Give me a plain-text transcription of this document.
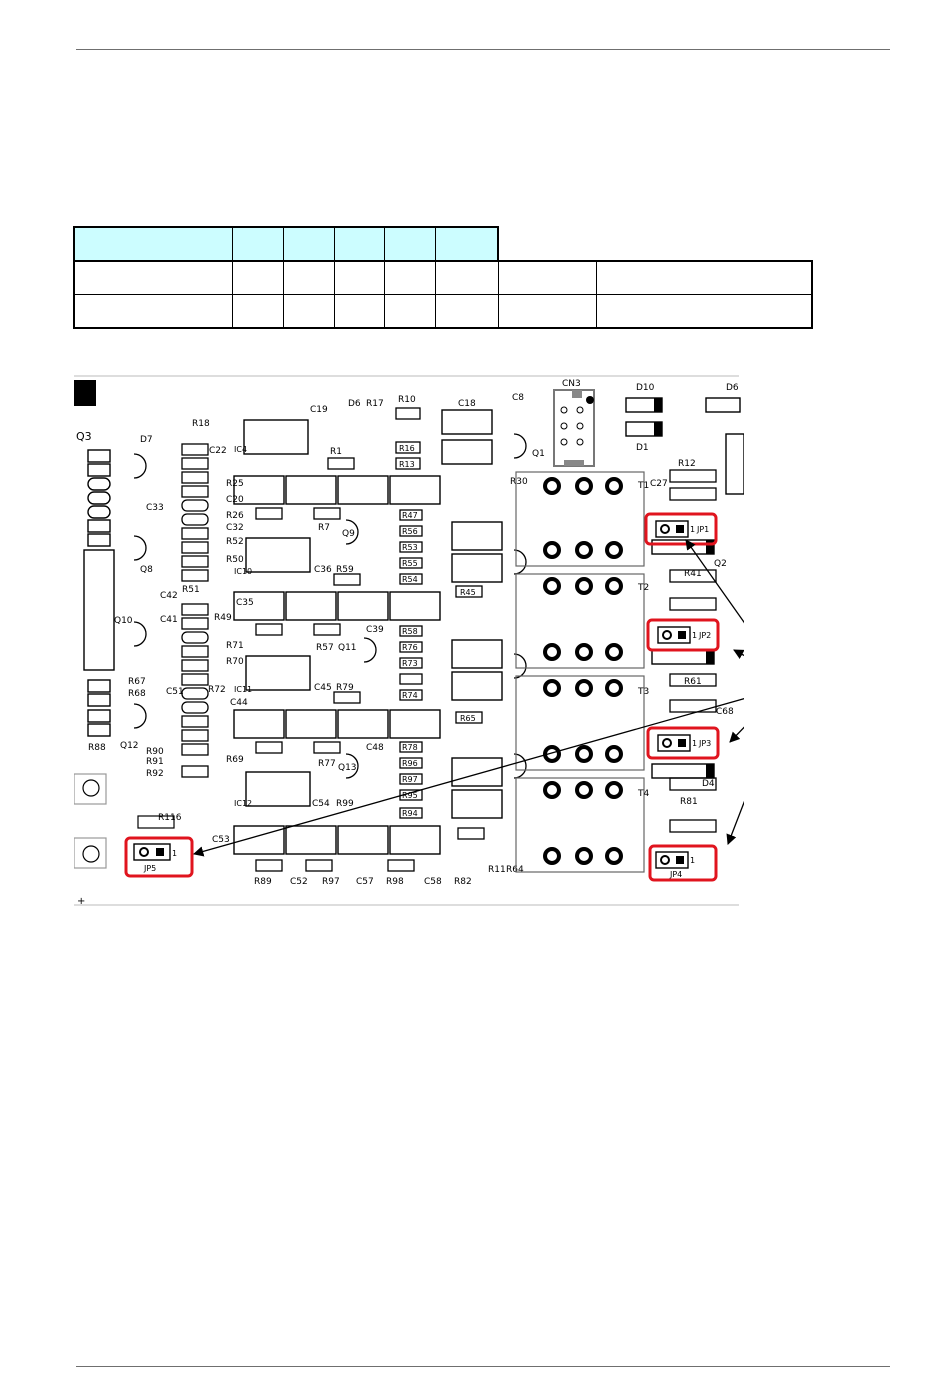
+
Q3
R88
D7
Q8
Q10
Q12
R18
C22
C33
C42
C41
R51
C51	R72
R67
R68
R90
R91
R92
IC4
IC10
IC11
IC12
C35
C44
C53
C18
C19
D6 R17 R10	C8
R1	Q1
R30
R16
R13
R47
R56
R53
R55
R54
R58
R76
R73
R74
R78
R96
R97
R95
R94
R45
R65
R25
C20
R26
C32
R52
R50
R7
C36 R59
Q9
R49
R71
R70
R57 Q11
C39
C45 R79
R69
C48
R77 Q13
C54 R99
R89 C52 R97 C57 R98 C58 R82
R11 R64
R116
CN3	D10	D6
D1
T1
T2
T3
T4
R12
C27
Q2
R41
R61
C68
R81
D4
1 JP1
1 JP2
1 JP3
1
JP4
1
JP5
